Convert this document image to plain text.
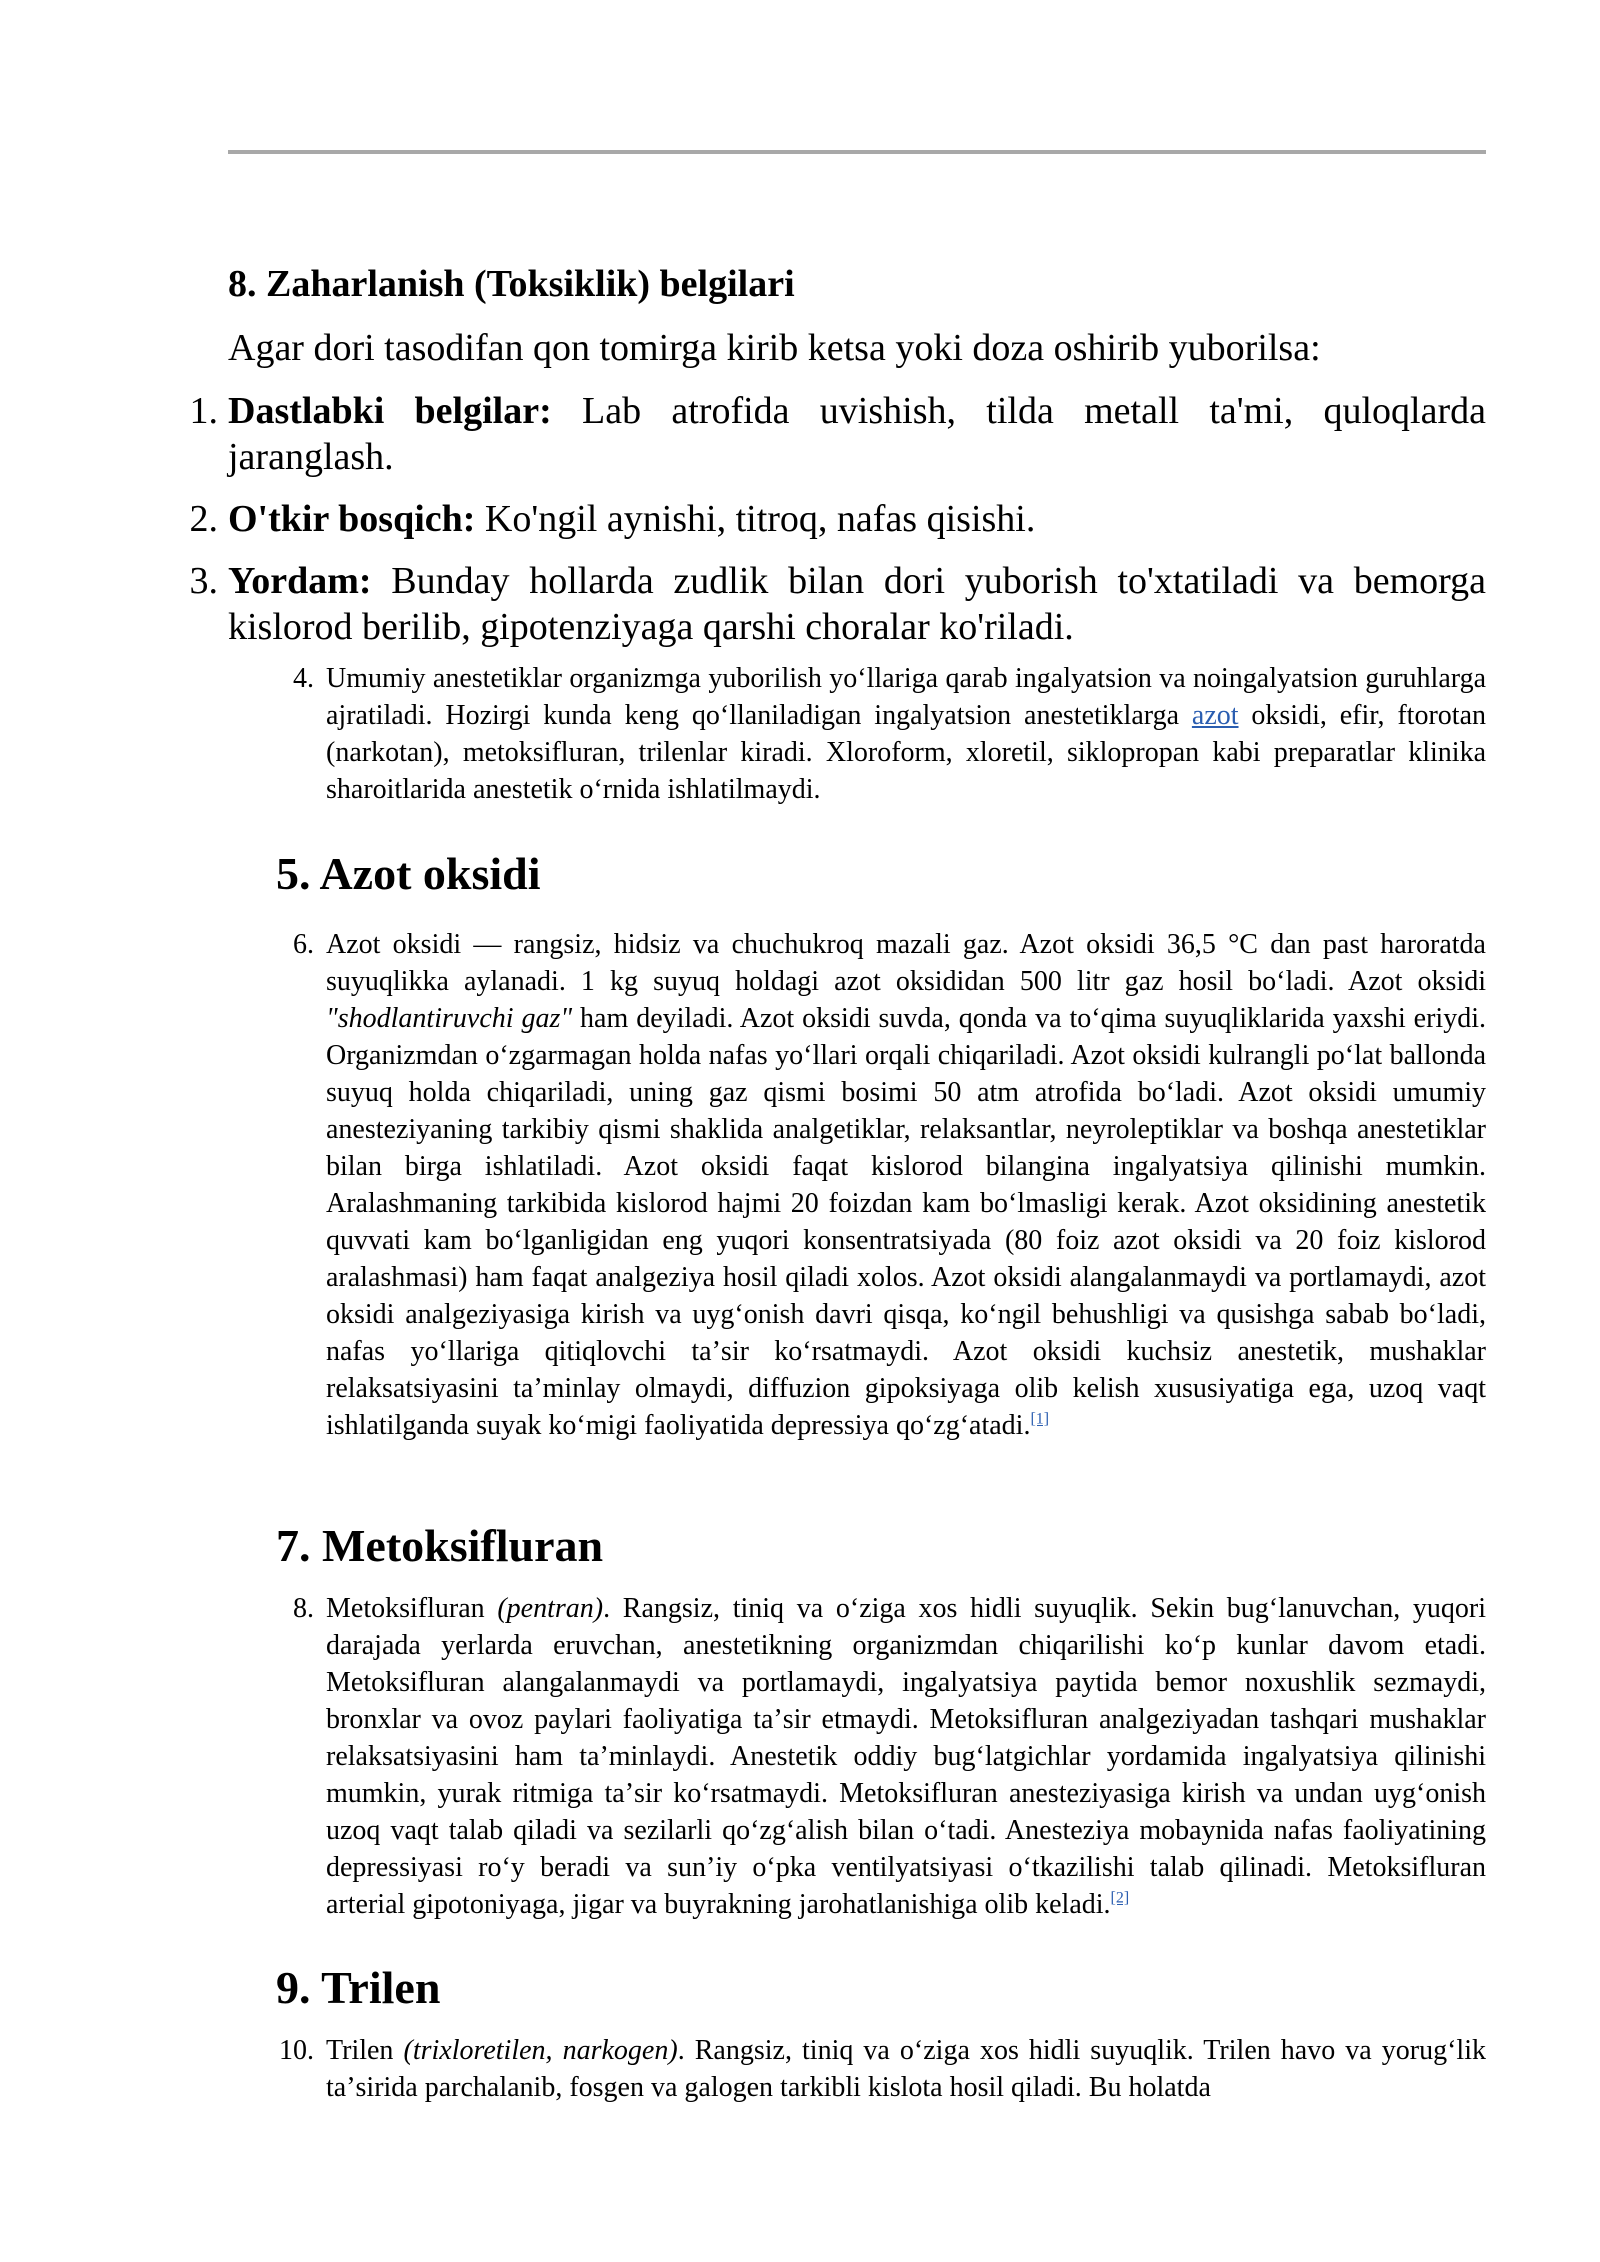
8. Zaharlanish (Toksiklik) belgilari
Agar dori tasodifan qon tomirga kirib ketsa yoki doza oshirib yuborilsa:
1. Dastlabki belgilar: Lab atrofida uvishish, tilda metall ta'mi, quloqlarda jaranglash.
2. O'tkir bosqich: Ko'ngil aynishi, titroq, nafas qisishi.
3. Yordam: Bunday hollarda zudlik bilan dori yuborish to'xtatiladi va bemorga kislorod berilib, gipotenziyaga qarshi choralar ko'riladi.
4. Umumiy anestetiklar organizmga yuborilish yoʻllariga qarab ingalyatsion va noingalyatsion guruhlarga ajratiladi. Hozirgi kunda keng qoʻllaniladigan ingalyatsion anestetiklarga azot oksidi, efir, ftorotan (narkotan), metoksifluran, trilenlar kiradi. Xloroform, xloretil, siklopropan kabi preparatlar klinika sharoitlarida anestetik oʻrnida ishlatilmaydi.
5. Azot oksidi
6. Azot oksidi — rangsiz, hidsiz va chuchukroq mazali gaz. Azot oksidi 36,5 °C dan past haroratda suyuqlikka aylanadi. 1 kg suyuq holdagi azot oksididan 500 litr gaz hosil boʻladi. Azot oksidi "shodlantiruvchi gaz" ham deyiladi. Azot oksidi suvda, qonda va toʻqima suyuqliklarida yaxshi eriydi. Organizmdan oʻzgarmagan holda nafas yoʻllari orqali chiqariladi. Azot oksidi kulrangli poʻlat ballonda suyuq holda chiqariladi, uning gaz qismi bosimi 50 atm atrofida boʻladi. Azot oksidi umumiy anesteziyaning tarkibiy qismi shaklida analgetiklar, relaksantlar, neyroleptiklar va boshqa anestetiklar bilan birga ishlatiladi. Azot oksidi faqat kislorod bilangina ingalyatsiya qilinishi mumkin. Aralashmaning tarkibida kislorod hajmi 20 foizdan kam boʻlmasligi kerak. Azot oksidining anestetik quvvati kam boʻlganligidan eng yuqori konsentratsiyada (80 foiz azot oksidi va 20 foiz kislorod aralashmasi) ham faqat analgeziya hosil qiladi xolos. Azot oksidi alangalanmaydi va portlamaydi, azot oksidi analgeziyasiga kirish va uygʻonish davri qisqa, koʻngil behushligi va qusishga sabab boʻladi, nafas yoʻllariga qitiqlovchi taʼsir koʻrsatmaydi. Azot oksidi kuchsiz anestetik, mushaklar relaksatsiyasini taʼminlay olmaydi, diffuzion gipoksiyaga olib kelish xususiyatiga ega, uzoq vaqt ishlatilganda suyak koʻmigi faoliyatida depressiya qoʻzgʻatadi.[1]
7. Metoksifluran
8. Metoksifluran (pentran). Rangsiz, tiniq va oʻziga xos hidli suyuqlik. Sekin bugʻlanuvchan, yuqori darajada yerlarda eruvchan, anestetikning organizmdan chiqarilishi koʻp kunlar davom etadi. Metoksifluran alangalanmaydi va portlamaydi, ingalyatsiya paytida bemor noxushlik sezmaydi, bronxlar va ovoz paylari faoliyatiga taʼsir etmaydi. Metoksifluran analgeziyadan tashqari mushaklar relaksatsiyasini ham taʼminlaydi. Anestetik oddiy bugʻlatgichlar yordamida ingalyatsiya qilinishi mumkin, yurak ritmiga taʼsir koʻrsatmaydi. Metoksifluran anesteziyasiga kirish va undan uygʻonish uzoq vaqt talab qiladi va sezilarli qoʻzgʻalish bilan oʻtadi. Anesteziya mobaynida nafas faoliyatining depressiyasi roʻy beradi va sunʼiy oʻpka ventilyatsiyasi oʻtkazilishi talab qilinadi. Metoksifluran arterial gipotoniyaga, jigar va buyrakning jarohatlanishiga olib keladi.[2]
9. Trilen
10. Trilen (trixloretilen, narkogen). Rangsiz, tiniq va oʻziga xos hidli suyuqlik. Trilen havo va yorugʻlik taʼsirida parchalanib, fosgen va galogen tarkibli kislota hosil qiladi. Bu holatda
